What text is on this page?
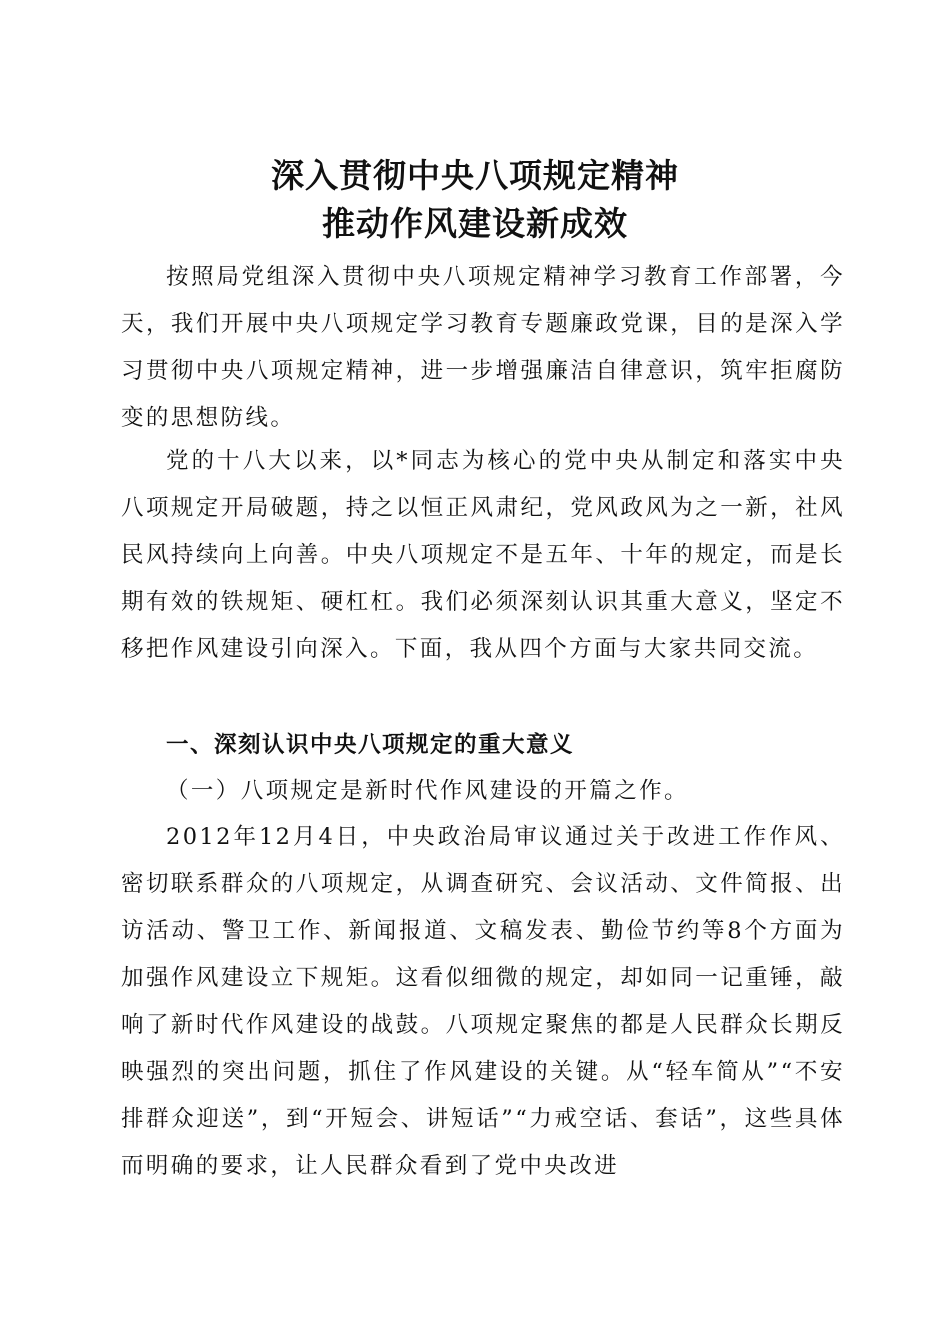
深入贯彻中央八项规定精神
推动作风建设新成效

按照局党组深入贯彻中央八项规定精神学习教育工作部署，今天，我们开展中央八项规定学习教育专题廉政党课，目的是深入学习贯彻中央八项规定精神，进一步增强廉洁自律意识，筑牢拒腐防变的思想防线。

党的十八大以来，以*同志为核心的党中央从制定和落实中央八项规定开局破题，持之以恒正风肃纪，党风政风为之一新，社风民风持续向上向善。中央八项规定不是五年、十年的规定，而是长期有效的铁规矩、硬杠杠。我们必须深刻认识其重大意义，坚定不移把作风建设引向深入。下面，我从四个方面与大家共同交流。

一、深刻认识中央八项规定的重大意义

（一）八项规定是新时代作风建设的开篇之作。

2012年12月4日，中央政治局审议通过关于改进工作作风、密切联系群众的八项规定，从调查研究、会议活动、文件简报、出访活动、警卫工作、新闻报道、文稿发表、勤俭节约等8个方面为加强作风建设立下规矩。这看似细微的规定，却如同一记重锤，敲响了新时代作风建设的战鼓。八项规定聚焦的都是人民群众长期反映强烈的突出问题，抓住了作风建设的关键。从“轻车简从”“不安排群众迎送”，到“开短会、讲短话”“力戒空话、套话”，这些具体而明确的要求，让人民群众看到了党中央改进
